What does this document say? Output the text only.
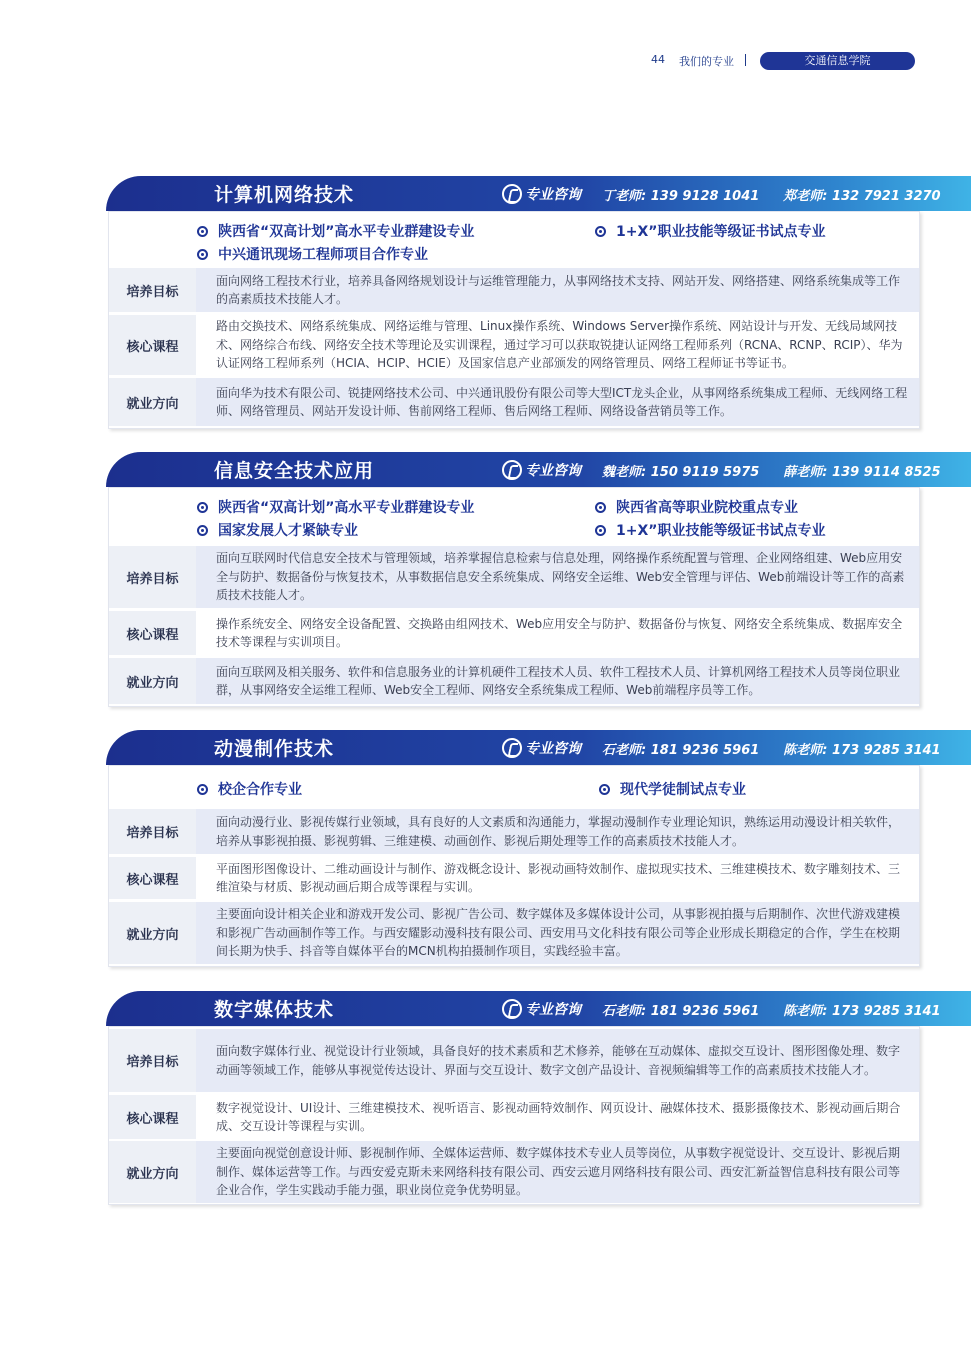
44 我们的专业	交通信息学院
计算机网络技术	专业咨询 丁老师: 139 9128 1041 郑老师: 132 7921 3270
陕西省“双高计划”高水平专业群建设专业	1+X”职业技能等级证书试点专业
中兴通讯现场工程师项目合作专业
培养目标
面向网络工程技术行业，培养具备网络规划设计与运维管理能力，从事网络技术支持、网站开发、网络搭建、网络系统集成等工作的高素质技术技能人才。
核心课程
路由交换技术、网络系统集成、网络运维与管理、Linux操作系统、Windows Server操作系统、网站设计与开发、无线局域网技术、网络综合布线、网络安全技术等理论及实训课程，通过学习可以获取锐捷认证网络工程师系列（RCNA、RCNP、RCIP）、华为认证网络工程师系列（HCIA、HCIP、HCIE）及国家信息产业部颁发的网络管理员、网络工程师证书等证书。
就业方向
面向华为技术有限公司、锐捷网络技术公司、中兴通讯股份有限公司等大型ICT龙头企业，从事网络系统集成工程师、无线网络工程师、网络管理员、网站开发设计师、售前网络工程师、售后网络工程师、网络设备营销员等工作。
信息安全技术应用	专业咨询 魏老师: 150 9119 5975 薛老师: 139 9114 8525
陕西省“双高计划”高水平专业群建设专业	陕西省高等职业院校重点专业
国家发展人才紧缺专业	1+X”职业技能等级证书试点专业
培养目标
面向互联网时代信息安全技术与管理领域，培养掌握信息检索与信息处理，网络操作系统配置与管理、企业网络组建、Web应用安全与防护、数据备份与恢复技术，从事数据信息安全系统集成、网络安全运维、Web安全管理与评估、Web前端设计等工作的高素质技术技能人才。
核心课程
操作系统安全、网络安全设备配置、交换路由组网技术、Web应用安全与防护、数据备份与恢复、网络安全系统集成、数据库安全技术等课程与实训项目。
就业方向
面向互联网及相关服务、软件和信息服务业的计算机硬件工程技术人员、软件工程技术人员、计算机网络工程技术人员等岗位职业群，从事网络安全运维工程师、Web安全工程师、网络安全系统集成工程师、Web前端程序员等工作。
动漫制作技术	专业咨询 石老师: 181 9236 5961 陈老师: 173 9285 3141
校企合作专业	现代学徒制试点专业
培养目标
面向动漫行业、影视传媒行业领域，具有良好的人文素质和沟通能力，掌握动漫制作专业理论知识，熟练运用动漫设计相关软件，培养从事影视拍摄、影视剪辑、三维建模、动画创作、影视后期处理等工作的高素质技术技能人才。
核心课程
平面图形图像设计、二维动画设计与制作、游戏概念设计、影视动画特效制作、虚拟现实技术、三维建模技术、数字雕刻技术、三维渲染与材质、影视动画后期合成等课程与实训。
就业方向
主要面向设计相关企业和游戏开发公司、影视广告公司、数字媒体及多媒体设计公司，从事影视拍摄与后期制作、次世代游戏建模和影视广告动画制作等工作。与西安耀影动漫科技有限公司、西安用马文化科技有限公司等企业形成长期稳定的合作，学生在校期间长期为快手、抖音等自媒体平台的MCN机构拍摄制作项目，实践经验丰富。
数字媒体技术	专业咨询 石老师: 181 9236 5961 陈老师: 173 9285 3141
培养目标
面向数字媒体行业、视觉设计行业领域，具备良好的技术素质和艺术修养，能够在互动媒体、虚拟交互设计、图形图像处理、数字动画等领域工作，能够从事视觉传达设计、界面与交互设计、数字文创产品设计、音视频编辑等工作的高素质技术技能人才。
核心课程
数字视觉设计、UI设计、三维建模技术、视听语言、影视动画特效制作、网页设计、融媒体技术、摄影摄像技术、影视动画后期合成、交互设计等课程与实训。
就业方向
主要面向视觉创意设计师、影视制作师、全媒体运营师、数字媒体技术专业人员等岗位，从事数字视觉设计、交互设计、影视后期制作、媒体运营等工作。与西安爱克斯未来网络科技有限公司、西安云遮月网络科技有限公司、西安汇新益智信息科技有限公司等企业合作，学生实践动手能力强，职业岗位竞争优势明显。
